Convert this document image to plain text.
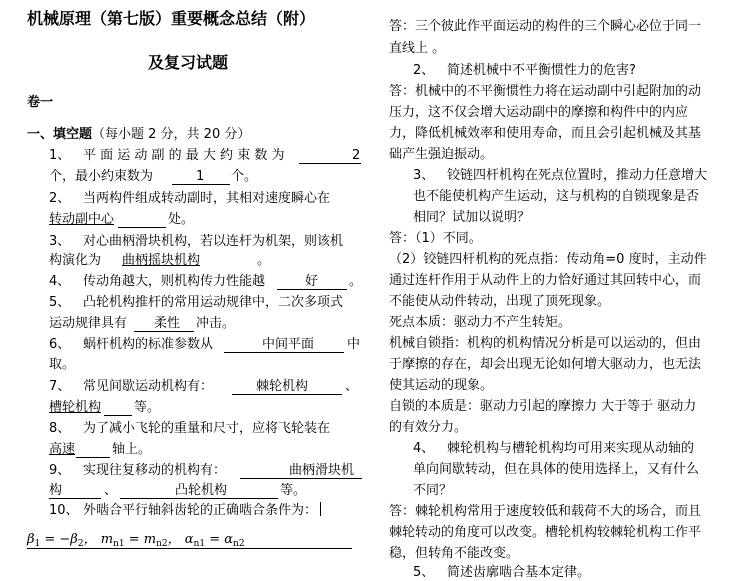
机械原理（第七版）重要概念总结（附）
及复习试题
卷一
一、填空题（每小题 2 分，共 20 分）
1、 平 面 运 动 副 的 最 大 约 束 数 为	2
个，最小约束数为	1 个。
2、 当两构件组成转动副时，其相对速度瞬心在
转动副中心	处。
3、 对心曲柄滑块机构，若以连杆为机架，则该机
构演化为 曲柄摇块机构	。
4、 传动角越大，则机构传力性能越	好 。
5、 凸轮机构推杆的常用运动规律中，二次多项式
运动规律具有 柔性 冲击。
6、 蜗杆机构的标准参数从	中间平面	中
取。
7、 常见间歇运动机构有：	棘轮机构	、
槽轮机构	等。
8、 为了减小飞轮的重量和尺寸，应将飞轮装在
高速	轴上。
9、 实现往复移动的机构有：	曲柄滑块机
构	、	凸轮机构	等。
10、 外啮合平行轴斜齿轮的正确啮合条件为：
$\beta_1 = -\beta_2$， $m_{n1} = m_{n2}$， $\alpha_{n1} = \alpha_{n2}$
答：三个彼此作平面运动的构件的三个瞬心必位于同一
直线上 。
2、 简述机械中不平衡惯性力的危害?
答：机械中的不平衡惯性力将在运动副中引起附加的动
压力，这不仅会增大运动副中的摩擦和构件中的内应
力，降低机械效率和使用寿命，而且会引起机械及其基
础产生强迫振动。
3、 铰链四杆机构在死点位置时，推动力任意增大
也不能使机构产生运动，这与机构的自锁现象是否
相同？试加以说明？
答：（1）不同。
（2）铰链四杆机构的死点指：传动角=0 度时，主动件
通过连杆作用于从动件上的力恰好通过其回转中心，而
不能使从动件转动，出现了顶死现象。
死点本质：驱动力不产生转矩。
机械自锁指：机构的机构情况分析是可以运动的，但由
于摩擦的存在，却会出现无论如何增大驱动力，也无法
使其运动的现象。
自锁的本质是：驱动力引起的摩擦力 大于等于 驱动力
的有效分力。
4、 棘轮机构与槽轮机构均可用来实现从动轴的
单向间歇转动，但在具体的使用选择上，又有什么
不同？
答：棘轮机构常用于速度较低和载荷不大的场合，而且
棘轮转动的角度可以改变。槽轮机构较棘轮机构工作平
稳，但转角不能改变。
5、 简述齿廓啮合基本定律。
